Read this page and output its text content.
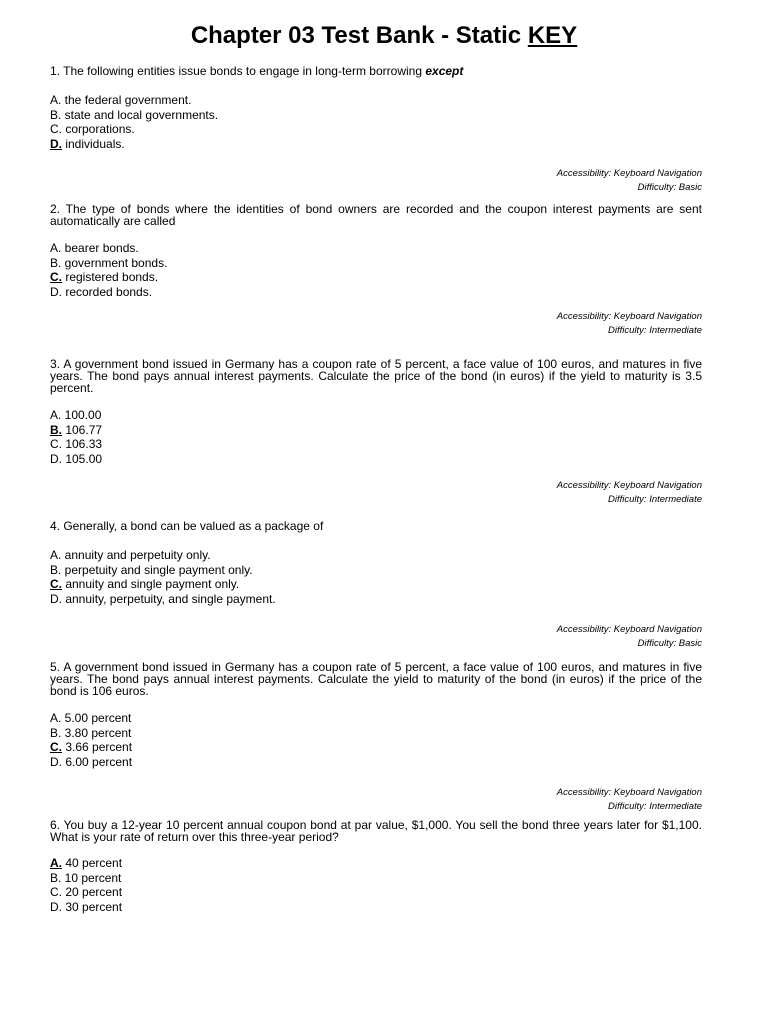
Chapter 03 Test Bank - Static KEY
1. The following entities issue bonds to engage in long-term borrowing except
A. the federal government.
B. state and local governments.
C. corporations.
D. individuals.
Accessibility: Keyboard Navigation
Difficulty: Basic
2. The type of bonds where the identities of bond owners are recorded and the coupon interest payments are sent automatically are called
A. bearer bonds.
B. government bonds.
C. registered bonds.
D. recorded bonds.
Accessibility: Keyboard Navigation
Difficulty: Intermediate
3. A government bond issued in Germany has a coupon rate of 5 percent, a face value of 100 euros, and matures in five years. The bond pays annual interest payments. Calculate the price of the bond (in euros) if the yield to maturity is 3.5 percent.
A. 100.00
B. 106.77
C. 106.33
D. 105.00
Accessibility: Keyboard Navigation
Difficulty: Intermediate
4. Generally, a bond can be valued as a package of
A. annuity and perpetuity only.
B. perpetuity and single payment only.
C. annuity and single payment only.
D. annuity, perpetuity, and single payment.
Accessibility: Keyboard Navigation
Difficulty: Basic
5. A government bond issued in Germany has a coupon rate of 5 percent, a face value of 100 euros, and matures in five years. The bond pays annual interest payments. Calculate the yield to maturity of the bond (in euros) if the price of the bond is 106 euros.
A. 5.00 percent
B. 3.80 percent
C. 3.66 percent
D. 6.00 percent
Accessibility: Keyboard Navigation
Difficulty: Intermediate
6. You buy a 12-year 10 percent annual coupon bond at par value, $1,000. You sell the bond three years later for $1,100. What is your rate of return over this three-year period?
A. 40 percent
B. 10 percent
C. 20 percent
D. 30 percent
